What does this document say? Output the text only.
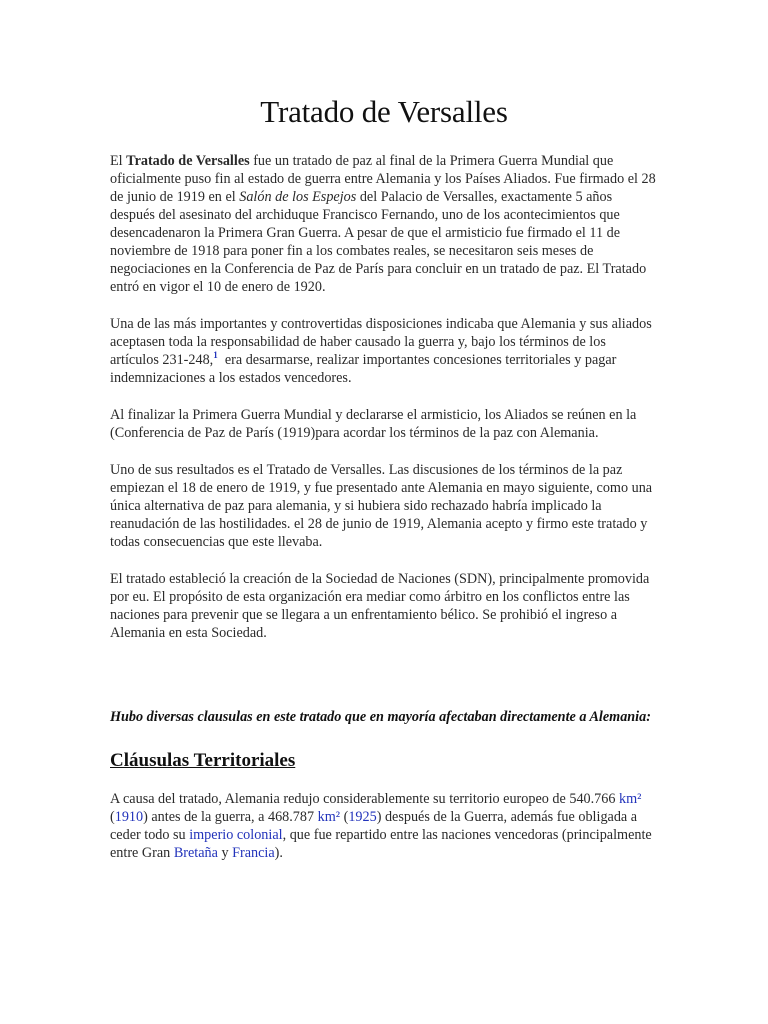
Tratado de Versalles

El Tratado de Versalles fue un tratado de paz al final de la Primera Guerra Mundial que oficialmente puso fin al estado de guerra entre Alemania y los Países Aliados. Fue firmado el 28 de junio de 1919 en el Salón de los Espejos del Palacio de Versalles, exactamente 5 años después del asesinato del archiduque Francisco Fernando, uno de los acontecimientos que desencadenaron la Primera Gran Guerra. A pesar de que el armisticio fue firmado el 11 de noviembre de 1918 para poner fin a los combates reales, se necesitaron seis meses de negociaciones en la Conferencia de Paz de París para concluir en un tratado de paz. El Tratado entró en vigor el 10 de enero de 1920.

Una de las más importantes y controvertidas disposiciones indicaba que Alemania y sus aliados aceptasen toda la responsabilidad de haber causado la guerra y, bajo los términos de los artículos 231-248,$^1$  era desarmarse, realizar importantes concesiones territoriales y pagar indemnizaciones a los estados vencedores.

Al finalizar la Primera Guerra Mundial y declararse el armisticio, los Aliados se reúnen en la (Conferencia de Paz de París (1919)para acordar los términos de la paz con Alemania.

Uno de sus resultados es el Tratado de Versalles. Las discusiones de los términos de la paz empiezan el 18 de enero de 1919, y fue presentado ante Alemania en mayo siguiente, como una única alternativa de paz para alemania, y si hubiera sido rechazado habría implicado la reanudación de las hostilidades. el 28 de junio de 1919, Alemania acepto y firmo este tratado y todas consecuencias que este llevaba.

El tratado estableció la creación de la Sociedad de Naciones (SDN), principalmente promovida por eu. El propósito de esta organización era mediar como árbitro en los conflictos entre las naciones para prevenir que se llegara a un enfrentamiento bélico. Se prohibió el ingreso a Alemania en esta Sociedad.

Hubo diversas clausulas en este tratado que en mayoría afectaban directamente a Alemania:

Cláusulas Territoriales

A causa del tratado, Alemania redujo considerablemente su territorio europeo de 540.766 km² (1910) antes de la guerra, a 468.787 km² (1925) después de la Guerra, además fue obligada a ceder todo su imperio colonial, que fue repartido entre las naciones vencedoras (principalmente entre Gran Bretaña y Francia).
